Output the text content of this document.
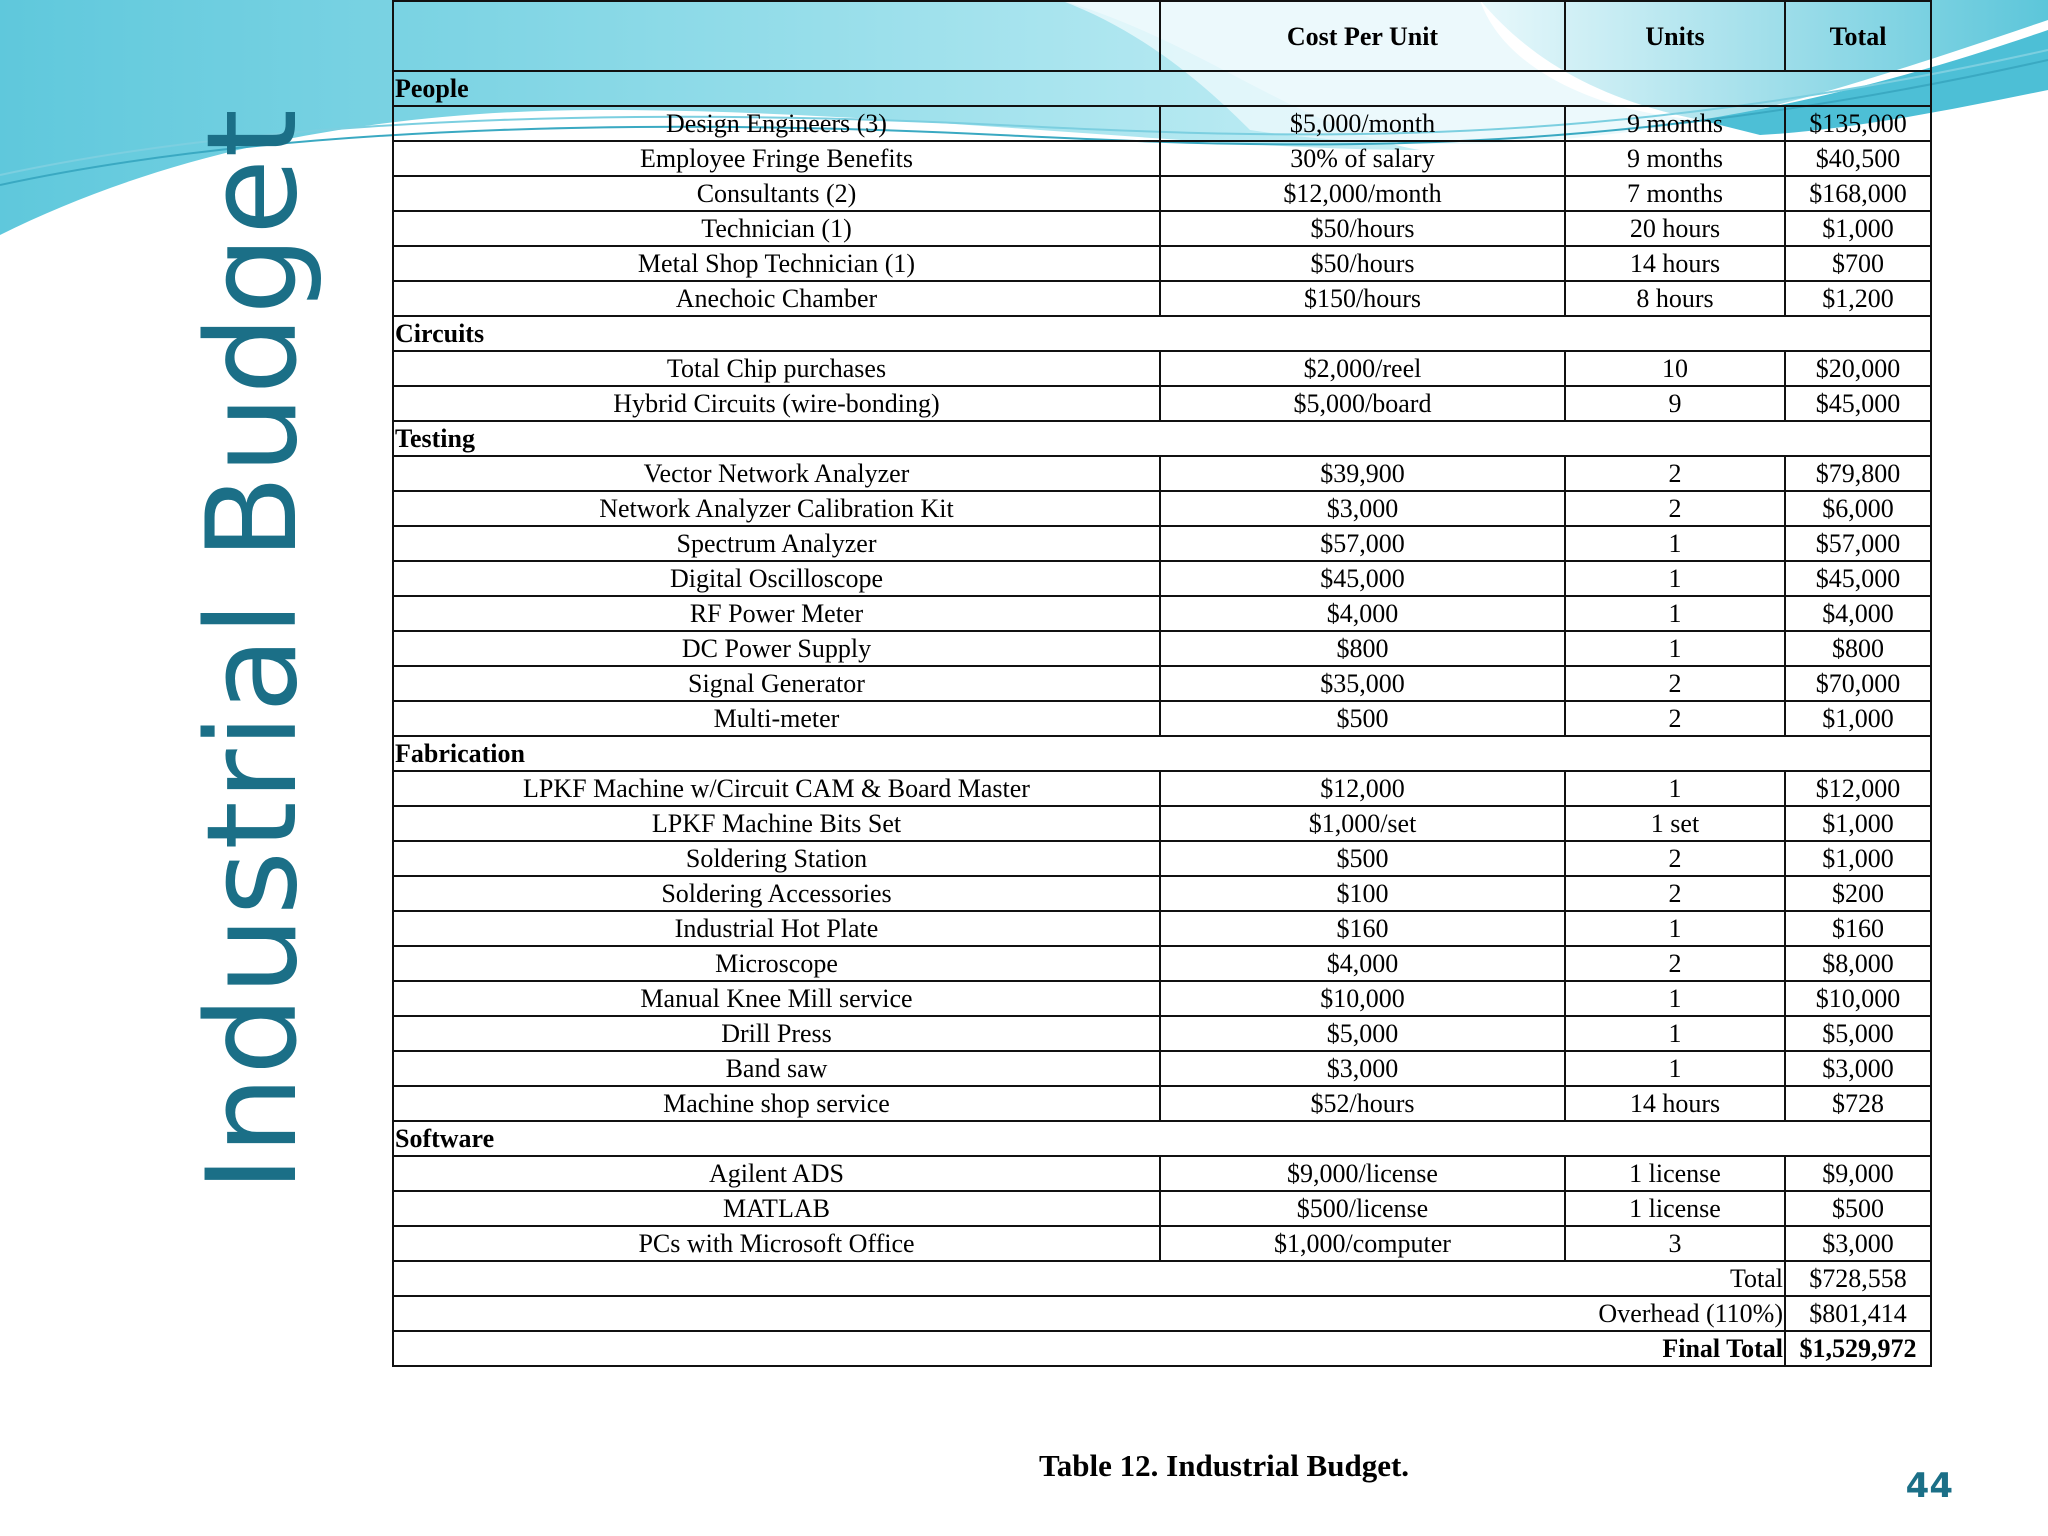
Industrial Budget
	Cost Per Unit	Units	Total
People			
Design Engineers (3)	$5,000/month	9 months	$135,000
Employee Fringe Benefits	30% of salary	9 months	$40,500
Consultants (2)	$12,000/month	7 months	$168,000
Technician (1)	$50/hours	20 hours	$1,000
Metal Shop Technician (1)	$50/hours	14 hours	$700
Anechoic Chamber	$150/hours	8 hours	$1,200
Circuits			
Total Chip purchases	$2,000/reel	10	$20,000
Hybrid Circuits (wire-bonding)	$5,000/board	9	$45,000
Testing			
Vector Network Analyzer	$39,900	2	$79,800
Network Analyzer Calibration Kit	$3,000	2	$6,000
Spectrum Analyzer	$57,000	1	$57,000
Digital Oscilloscope	$45,000	1	$45,000
RF Power Meter	$4,000	1	$4,000
DC Power Supply	$800	1	$800
Signal Generator	$35,000	2	$70,000
Multi-meter	$500	2	$1,000
Fabrication			
LPKF Machine w/Circuit CAM & Board Master	$12,000	1	$12,000
LPKF Machine Bits Set	$1,000/set	1 set	$1,000
Soldering Station	$500	2	$1,000
Soldering Accessories	$100	2	$200
Industrial Hot Plate	$160	1	$160
Microscope	$4,000	2	$8,000
Manual Knee Mill service	$10,000	1	$10,000
Drill Press	$5,000	1	$5,000
Band saw	$3,000	1	$3,000
Machine shop service	$52/hours	14 hours	$728
Software			
Agilent ADS	$9,000/license	1 license	$9,000
MATLAB	$500/license	1 license	$500
PCs with Microsoft Office	$1,000/computer	3	$3,000
Total			$728,558
Overhead (110%)			$801,414
Final Total			$1,529,972
Table 12. Industrial Budget.
44
